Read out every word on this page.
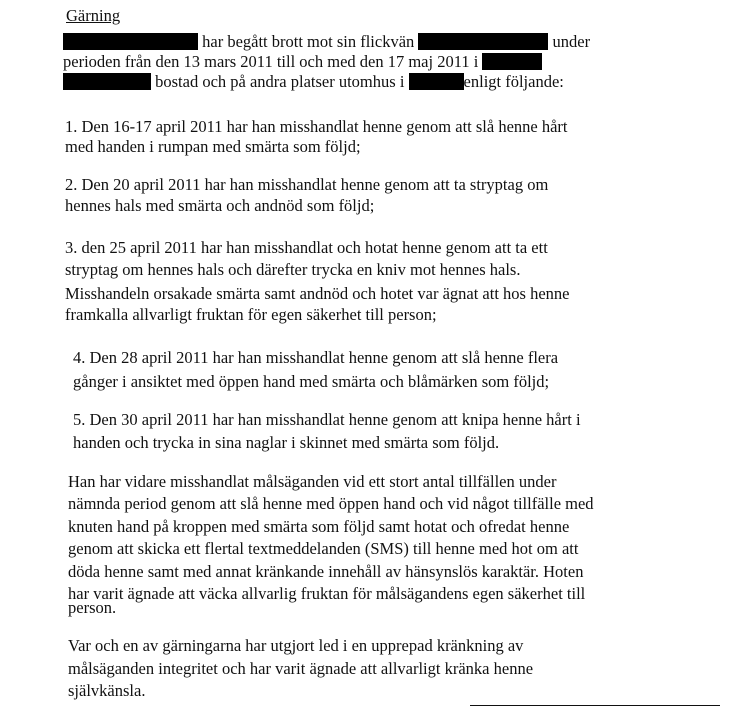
Gärning
har begått brott mot sin flickvän	under
perioden från den 13 mars 2011 till och med den 17 maj 2011 i
bostad och på andra platser utomhus i	enligt följande:
1. Den 16-17 april 2011 har han misshandlat henne genom att slå henne hårt
med handen i rumpan med smärta som följd;
2. Den 20 april 2011 har han misshandlat henne genom att ta stryptag om
hennes hals med smärta och andnöd som följd;
3. den 25 april 2011 har han misshandlat och hotat henne genom att ta ett
stryptag om hennes hals och därefter trycka en kniv mot hennes hals.
Misshandeln orsakade smärta samt andnöd och hotet var ägnat att hos henne
framkalla allvarligt fruktan för egen säkerhet till person;
4. Den 28 april 2011 har han misshandlat henne genom att slå henne flera
gånger i ansiktet med öppen hand med smärta och blåmärken som följd;
5. Den 30 april 2011 har han misshandlat henne genom att knipa henne hårt i
handen och trycka in sina naglar i skinnet med smärta som följd.
Han har vidare misshandlat målsäganden vid ett stort antal tillfällen under
nämnda period genom att slå henne med öppen hand och vid något tillfälle med
knuten hand på kroppen med smärta som följd samt hotat och ofredat henne
genom att skicka ett flertal textmeddelanden (SMS) till henne med hot om att
döda henne samt med annat kränkande innehåll av hänsynslös karaktär. Hoten
har varit ägnade att väcka allvarlig fruktan för målsägandens egen säkerhet till
person.
Var och en av gärningarna har utgjort led i en upprepad kränkning av
målsäganden integritet och har varit ägnade att allvarligt kränka henne
självkänsla.
